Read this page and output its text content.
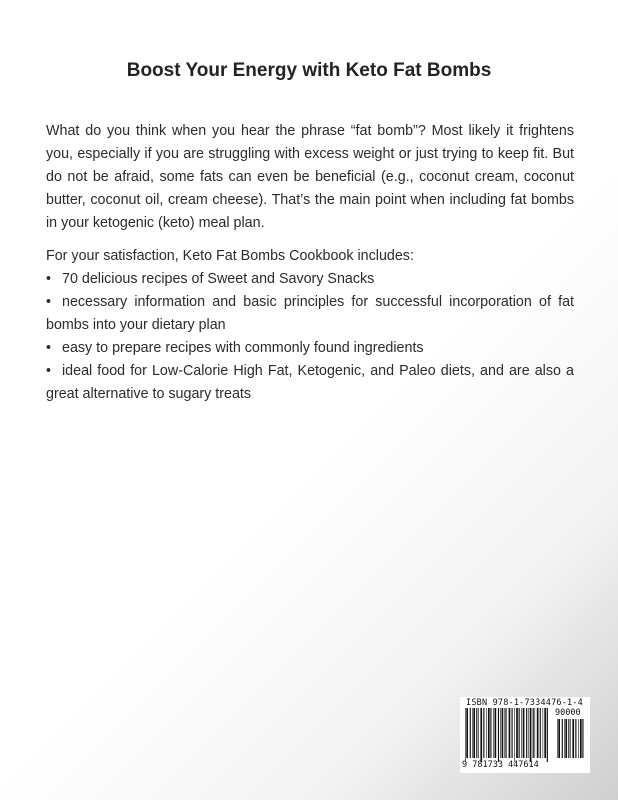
Boost Your Energy with Keto Fat Bombs

What do you think when you hear the phrase “fat bomb”? Most likely it frightens you, especially if you are struggling with excess weight or just trying to keep fit. But do not be afraid, some fats can even be beneficial (e.g., coconut cream, coconut butter, coconut oil, cream cheese). That’s the main point when including fat bombs in your ketogenic (keto) meal plan.

For your satisfaction, Keto Fat Bombs Cookbook includes:
• 70 delicious recipes of Sweet and Savory Snacks
• necessary information and basic principles for successful incorporation of fat bombs into your dietary plan
• easy to prepare recipes with commonly found ingredients
• ideal food for Low-Calorie High Fat, Ketogenic, and Paleo diets, and are also a great alternative to sugary treats
ISBN 978-1-7334476-1-4
90000
9 781733 447614
